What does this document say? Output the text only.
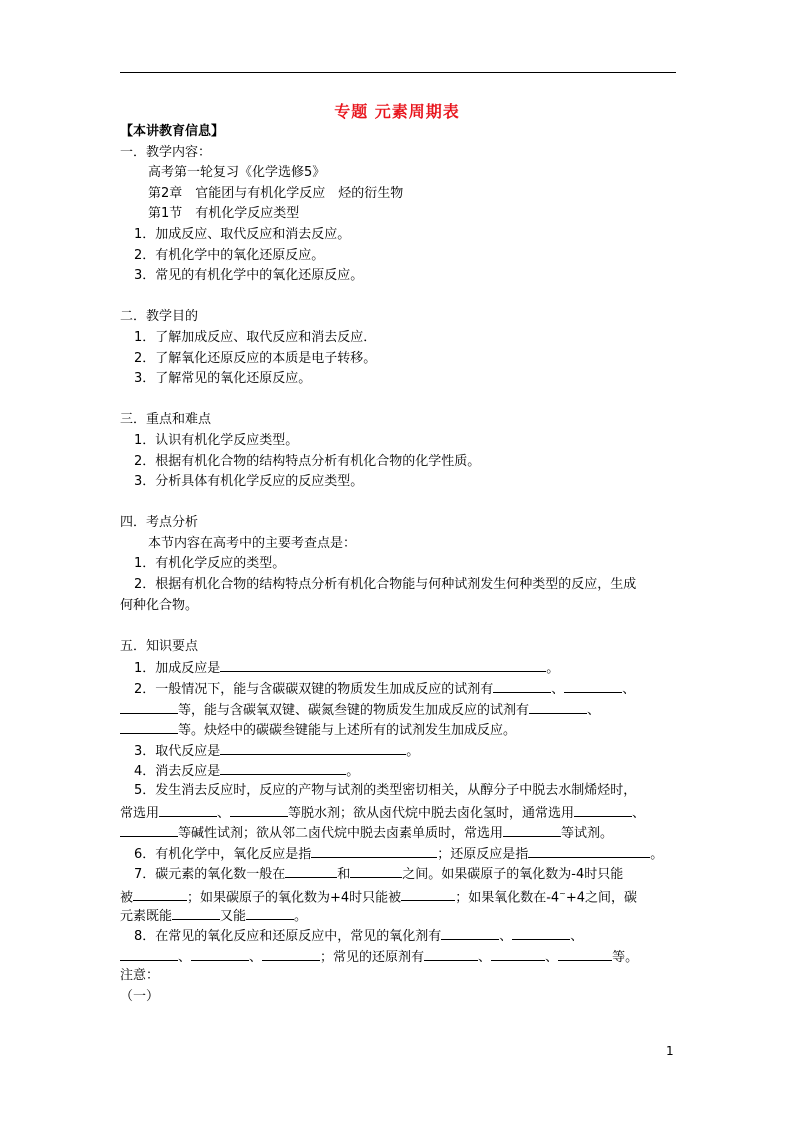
专题 元素周期表
【本讲教育信息】
一．教学内容：
高考第一轮复习《化学选修5》
第2章　官能团与有机化学反应　烃的衍生物
第1节　有机化学反应类型
1．加成反应、取代反应和消去反应。
2．有机化学中的氧化还原反应。
3．常见的有机化学中的氧化还原反应。
二．教学目的
1．了解加成反应、取代反应和消去反应．
2．了解氧化还原反应的本质是电子转移。
3．了解常见的氧化还原反应。
三．重点和难点
1．认识有机化学反应类型。
2．根据有机化合物的结构特点分析有机化合物的化学性质。
3．分析具体有机化学反应的反应类型。
四．考点分析
本节内容在高考中的主要考查点是：
1．有机化学反应的类型。
2．根据有机化合物的结构特点分析有机化合物能与何种试剂发生何种类型的反应，生成
何种化合物。
五．知识要点
1．加成反应是	。
2．一般情况下，能与含碳碳双键的物质发生加成反应的试剂有	、	、
等，能与含碳氧双键、碳氮叁键的物质发生加成反应的试剂有	、
等。炔烃中的碳碳叁键能与上述所有的试剂发生加成反应。
3．取代反应是	。
4．消去反应是	。
5．发生消去反应时，反应的产物与试剂的类型密切相关，从醇分子中脱去水制烯烃时，
常选用	、	等脱水剂；欲从卤代烷中脱去卤化氢时，通常选用	、
等碱性试剂；欲从邻二卤代烷中脱去卤素单质时，常选用	等试剂。
6．有机化学中，氧化反应是指	；还原反应是指	。
7．碳元素的氧化数一般在	和	之间。如果碳原子的氧化数为-4时只能
被	；如果碳原子的氧化数为+4时只能被	；如果氧化数在-4~+4之间，碳
元素既能	又能	。
8．在常见的氧化反应和还原反应中，常见的氧化剂有	、	、
、	、	；常见的还原剂有	、	、	等。
注意：
（一）
1
